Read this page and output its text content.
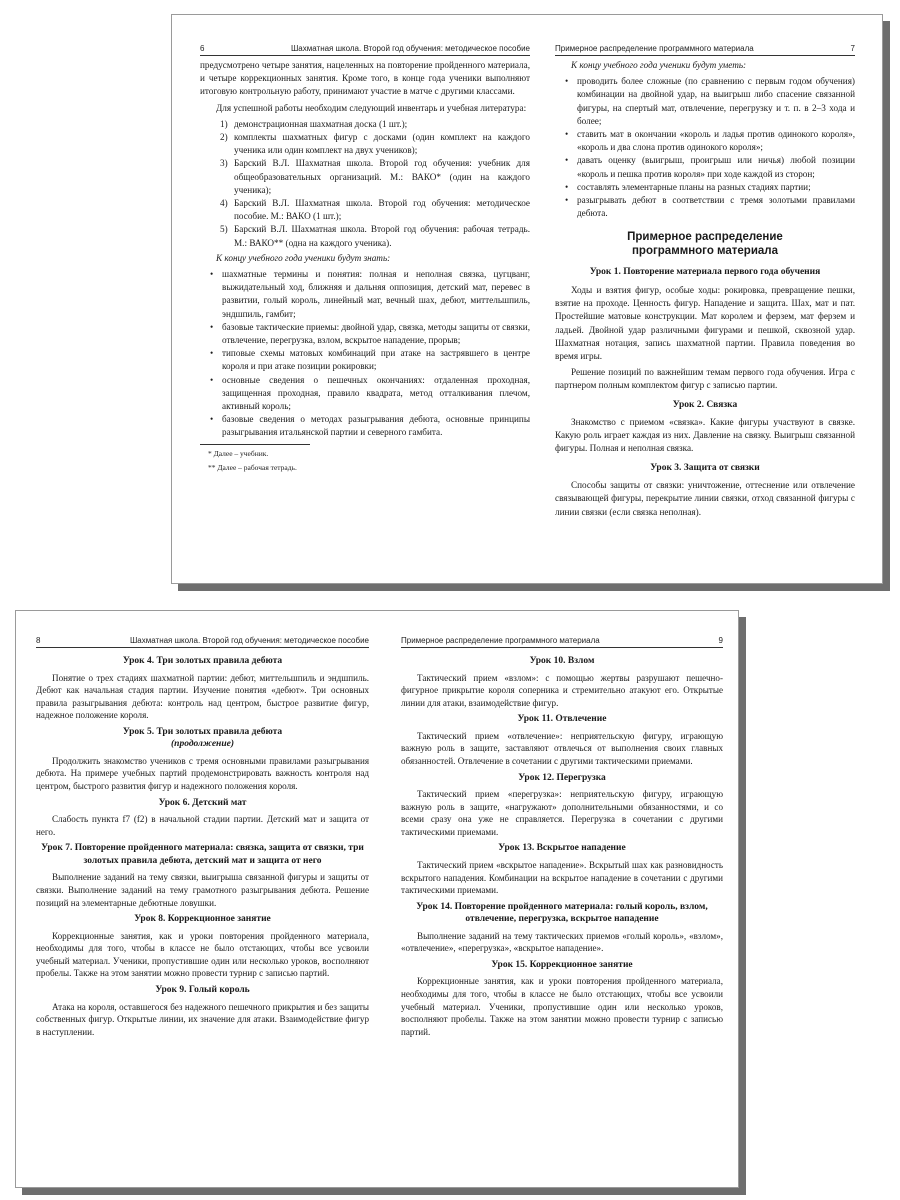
6	Шахматная школа. Второй год обучения: методическое пособие

предусмотрено четыре занятия, нацеленных на повторение пройденного материала, и четыре коррекционных занятия. Кроме того, в конце года ученики выполняют итоговую контрольную работу, принимают участие в матче с другими классами.

Для успешной работы необходим следующий инвентарь и учебная литература:

1) демонстрационная шахматная доска (1 шт.);
2) комплекты шахматных фигур с досками (один комплект на каждого ученика или один комплект на двух учеников);
3) Барский В.Л. Шахматная школа. Второй год обучения: учебник для общеобразовательных организаций. М.: ВАКО* (один на каждого ученика);
4) Барский В.Л. Шахматная школа. Второй год обучения: методическое пособие. М.: ВАКО (1 шт.);
5) Барский В.Л. Шахматная школа. Второй год обучения: рабочая тетрадь. М.: ВАКО** (одна на каждого ученика).

К концу учебного года ученики будут знать:

• шахматные термины и понятия: полная и неполная связка, цугцванг, выжидательный ход, ближняя и дальняя оппозиция, детский мат, перевес в развитии, голый король, линейный мат, вечный шах, дебют, миттельшпиль, эндшпиль, гамбит;
• базовые тактические приемы: двойной удар, связка, методы защиты от связки, отвлечение, перегрузка, взлом, вскрытое нападение, прорыв;
• типовые схемы матовых комбинаций при атаке на застрявшего в центре короля и при атаке позиции рокировки;
• основные сведения о пешечных окончаниях: отдаленная проходная, защищенная проходная, правило квадрата, метод отталкивания плечом, активный король;
• базовые сведения о методах разыгрывания дебюта, основные принципы разыгрывания итальянской партии и северного гамбита.

* Далее – учебник.

** Далее – рабочая тетрадь.

Примерное распределение программного материала	7

К концу учебного года ученики будут уметь:

• проводить более сложные (по сравнению с первым годом обучения) комбинации на двойной удар, на выигрыш либо спасение связанной фигуры, на спертый мат, отвлечение, перегрузку и т. п. в 2–3 хода и более;
• ставить мат в окончании «король и ладья против одинокого короля», «король и два слона против одинокого короля»;
• давать оценку (выигрыш, проигрыш или ничья) любой позиции «король и пешка против короля» при ходе каждой из сторон;
• составлять элементарные планы на разных стадиях партии;
• разыгрывать дебют в соответствии с тремя золотыми правилами дебюта.
Примерное распределение
программного материала
Урок 1. Повторение материала первого года обучения

Ходы и взятия фигур, особые ходы: рокировка, превращение пешки, взятие на проходе. Ценность фигур. Нападение и защита. Шах, мат и пат. Простейшие матовые конструкции. Мат королем и ферзем, мат ферзем и ладьей. Двойной удар различными фигурами и пешкой, сквозной удар. Шахматная нотация, запись шахматной партии. Правила поведения во время игры.

Решение позиций по важнейшим темам первого года обучения. Игра с партнером полным комплектом фигур с записью партии.

Урок 2. Связка

Знакомство с приемом «связка». Какие фигуры участвуют в связке. Какую роль играет каждая из них. Давление на связку. Выигрыш связанной фигуры. Полная и неполная связка.

Урок 3. Защита от связки

Способы защиты от связки: уничтожение, оттеснение или отвлечение связывающей фигуры, перекрытие линии связки, отход связанной фигуры с линии связки (если связка неполная).

8	Шахматная школа. Второй год обучения: методическое пособие
Урок 4. Три золотых правила дебюта

Понятие о трех стадиях шахматной партии: дебют, миттельшпиль и эндшпиль. Дебют как начальная стадия партии. Изучение понятия «дебют». Три основных правила разыгрывания дебюта: контроль над центром, быстрое развитие фигур, надежное положение короля.

Урок 5. Три золотых правила дебюта
(продолжение)

Продолжить знакомство учеников с тремя основными правилами разыгрывания дебюта. На примере учебных партий продемонстрировать важность контроля над центром, быстрого развития фигур и надежного положения короля.

Урок 6. Детский мат

Слабость пункта f7 (f2) в начальной стадии партии. Детский мат и защита от него.

Урок 7. Повторение пройденного материала: связка, защита от связки, три золотых правила дебюта, детский мат и защита от него

Выполнение заданий на тему связки, выигрыша связанной фигуры и защиты от связки. Выполнение заданий на тему грамотного разыгрывания дебюта. Решение позиций на элементарные дебютные ловушки.

Урок 8. Коррекционное занятие

Коррекционные занятия, как и уроки повторения пройденного материала, необходимы для того, чтобы в классе не было отстающих, чтобы все усвоили учебный материал. Ученики, пропустившие один или несколько уроков, восполняют пробелы. Также на этом занятии можно провести турнир с записью партий.

Урок 9. Голый король

Атака на короля, оставшегося без надежного пешечного прикрытия и без защиты собственных фигур. Открытые линии, их значение для атаки. Взаимодействие фигур в наступлении.

Примерное распределение программного материала	9
Урок 10. Взлом

Тактический прием «взлом»: с помощью жертвы разрушают пешечно-фигурное прикрытие короля соперника и стремительно атакуют его. Открытые линии для атаки, взаимодействие фигур.

Урок 11. Отвлечение

Тактический прием «отвлечение»: неприятельскую фигуру, играющую важную роль в защите, заставляют отвлечься от выполнения своих главных обязанностей. Отвлечение в сочетании с другими тактическими приемами.

Урок 12. Перегрузка

Тактический прием «перегрузка»: неприятельскую фигуру, играющую важную роль в защите, «нагружают» дополнительными обязанностями, и со всеми сразу она уже не справляется. Перегрузка в сочетании с другими тактическими приемами.

Урок 13. Вскрытое нападение

Тактический прием «вскрытое нападение». Вскрытый шах как разновидность вскрытого нападения. Комбинации на вскрытое нападение в сочетании с другими тактическими приемами.

Урок 14. Повторение пройденного материала: голый король, взлом, отвлечение, перегрузка, вскрытое нападение

Выполнение заданий на тему тактических приемов «голый король», «взлом», «отвлечение», «перегрузка», «вскрытое нападение».

Урок 15. Коррекционное занятие

Коррекционные занятия, как и уроки повторения пройденного материала, необходимы для того, чтобы в классе не было отстающих, чтобы все усвоили учебный материал. Ученики, пропустившие один или несколько уроков, восполняют пробелы. Также на этом занятии можно провести турнир с записью партий.
